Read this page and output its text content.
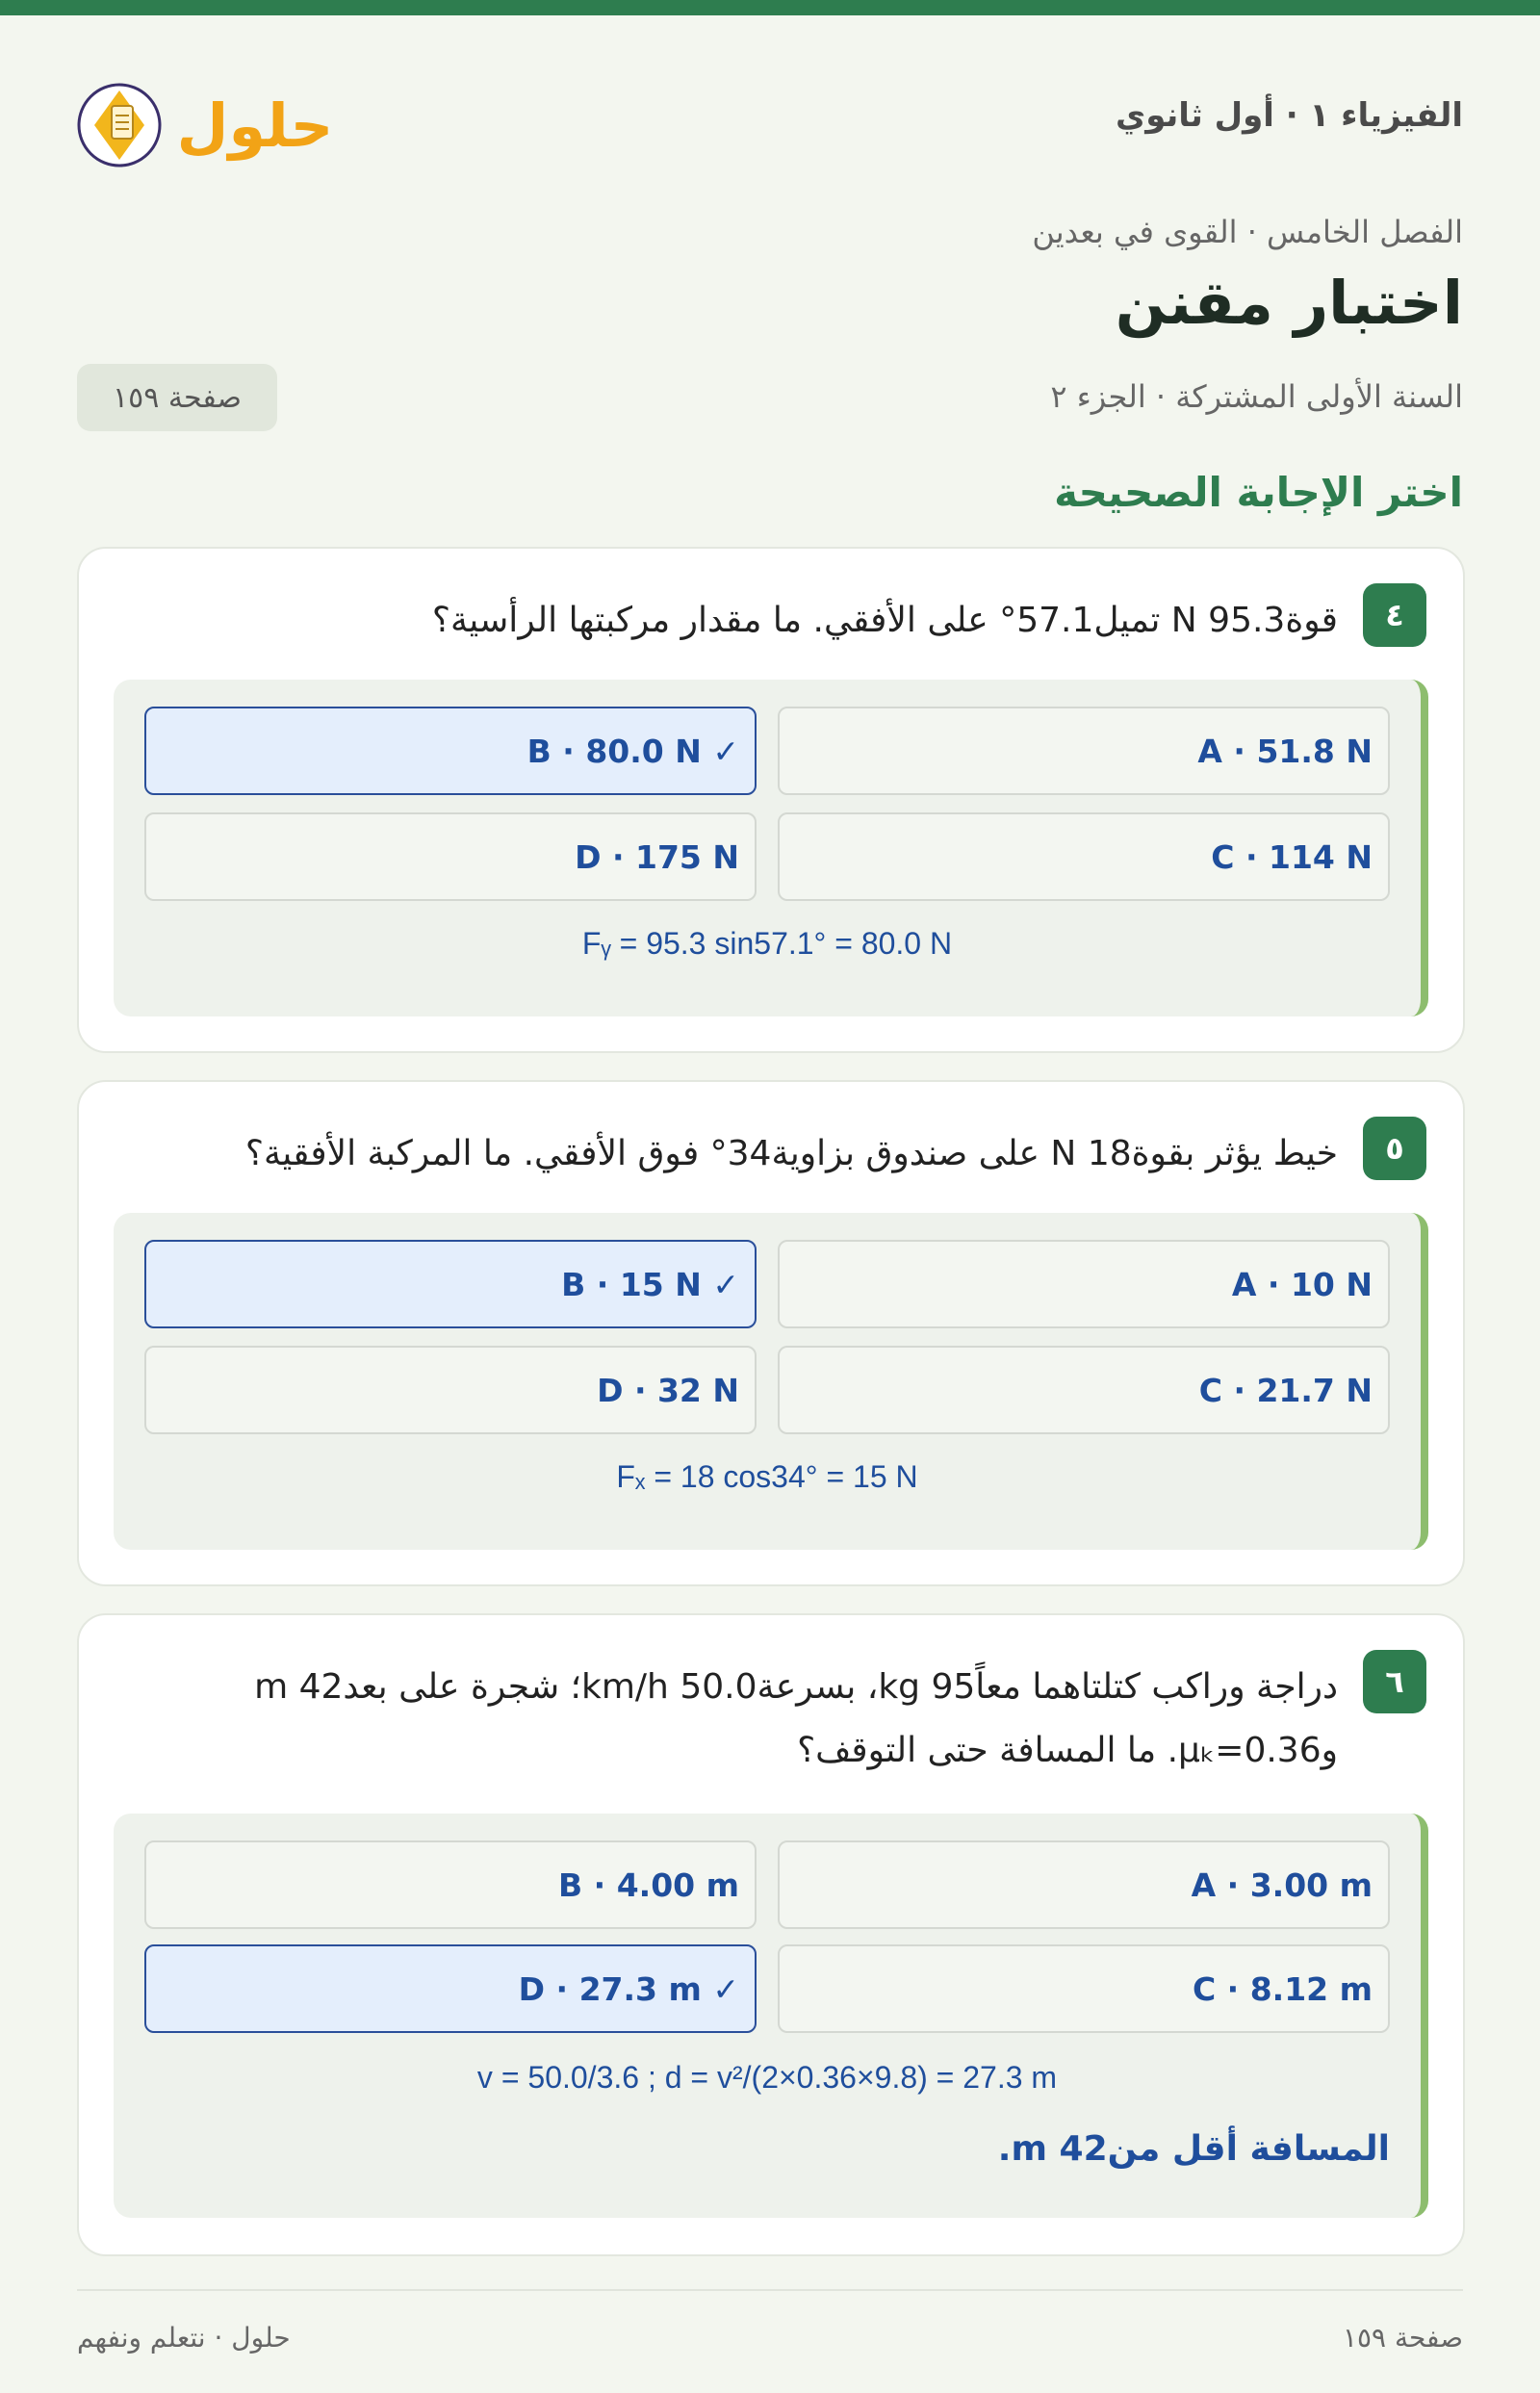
الفيزياء ١ · أول ثانوي
حلول
الفصل الخامس · القوى في بعدين
اختبار مقنن
السنة الأولى المشتركة · الجزء ٢
صفحة ١٥٩
اختر الإجابة الصحيحة
٤
قوة95.3 N تميل57.1° على الأفقي. ما مقدار مركبتها الرأسية؟
A · 51.8 N
✓ B · 80.0 N
C · 114 N
D · 175 N
Fᵧ = 95.3 sin57.1° = 80.0 N
٥
خيط يؤثر بقوة18 N على صندوق بزاوية34° فوق الأفقي. ما المركبة الأفقية؟
A · 10 N
✓ B · 15 N
C · 21.7 N
D · 32 N
Fₓ = 18 cos34° = 15 N
٦
دراجة وراكب كتلتاهما معاً95 kg، بسرعة50.0 km/h؛ شجرة على بعد42 m وμₖ=0.36. ما المسافة حتى التوقف؟
A · 3.00 m
B · 4.00 m
C · 8.12 m
✓ D · 27.3 m
v = 50.0/3.6 ; d = v²/(2×0.36×9.8) = 27.3 m
المسافة أقل من42 m.
صفحة ١٥٩
حلول · نتعلم ونفهم
